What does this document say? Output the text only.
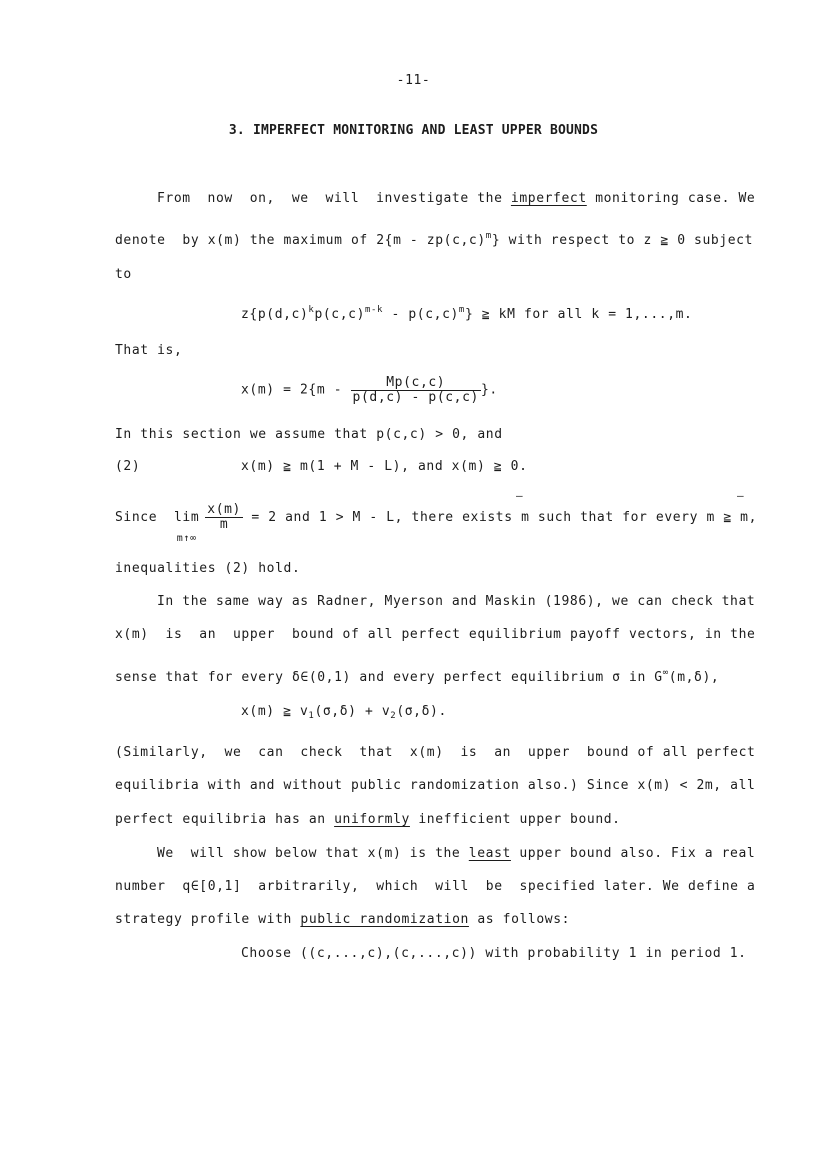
-11-
3. IMPERFECT MONITORING AND LEAST UPPER BOUNDS
From  now  on,  we  will  investigate the imperfect monitoring case. We
denote  by x(m) the maximum of $2\{m - zp(c,c)^m\}$ with respect to z ≧ 0 subject
to
$z\{p(d,c)^kp(c,c)^{m-k} - p(c,c)^m\}$ ≧ kM for all k = 1,...,m.
That is,
$x(m) = 2\{m - \frac{Mp(c,c)}{p(d,c) - p(c,c)}$ }.
In this section we assume that p(c,c) > 0, and
(2)	x(m) ≧ m(1 + M - L), and x(m) ≧ 0.
–	–
Since lim
m↑∞
$\frac{x(m)}{m} = 2$ and 1 > M - L, there exists m such that for every m ≧ m,
inequalities (2) hold.
In the same way as Radner, Myerson and Maskin (1986), we can check that
x(m)  is  an  upper  bound of all perfect equilibrium payoff vectors, in the
sense that for every δ∈(0,1) and every perfect equilibrium σ in G∞(m,δ),
x(m) ≧ $v_1(\sigma,\delta) + v_2(\sigma,\delta)$.
(Similarly,  we  can  check  that  x(m)  is  an  upper  bound of all perfect
equilibria with and without public randomization also.) Since x(m) < 2m, all
perfect equilibria has an uniformly inefficient upper bound.
We  will show below that x(m) is the least upper bound also. Fix a real
number  q∈[0,1]  arbitrarily,  which  will  be  specified later. We define a
strategy profile with public randomization as follows:
Choose ((c,...,c),(c,...,c)) with probability 1 in period 1.
